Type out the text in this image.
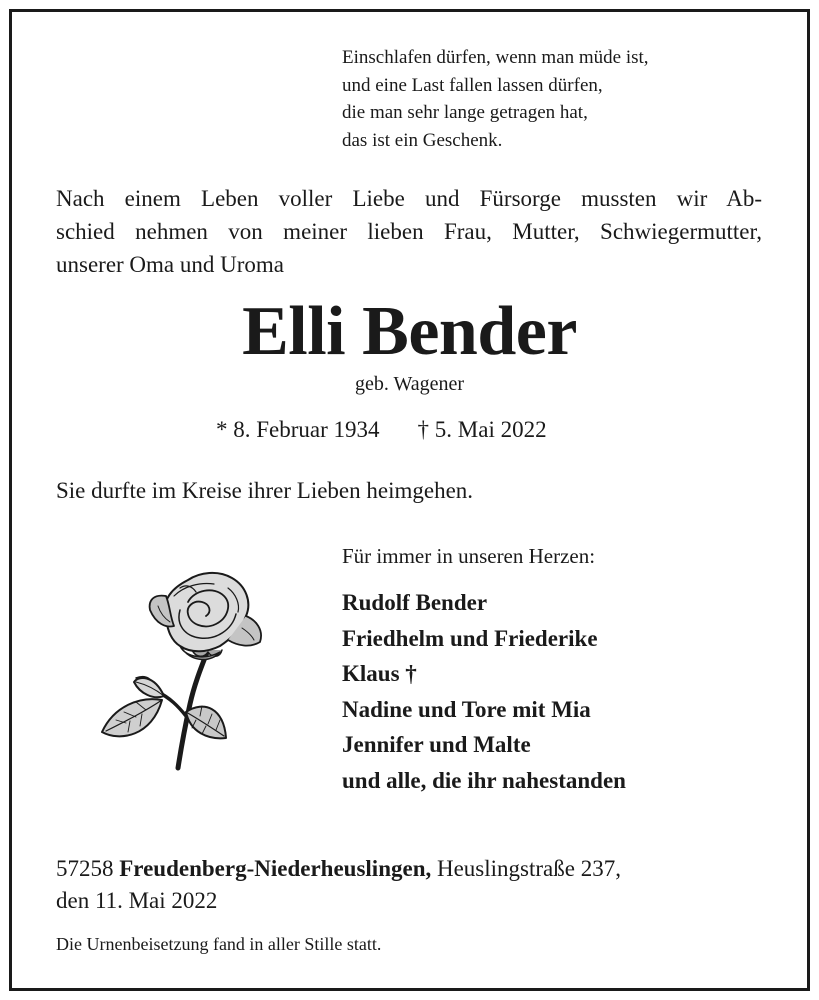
Einschlafen dürfen, wenn man müde ist,
und eine Last fallen lassen dürfen,
die man sehr lange getragen hat,
das ist ein Geschenk.
Nach einem Leben voller Liebe und Fürsorge mussten wir Ab-
schied nehmen von meiner lieben Frau, Mutter, Schwiegermutter,
unserer Oma und Uroma
Elli Bender
geb. Wagener
* 8. Februar 1934 † 5. Mai 2022
Sie durfte im Kreise ihrer Lieben heimgehen.
Für immer in unseren Herzen:
Rudolf Bender
Friedhelm und Friederike
Klaus †
Nadine und Tore mit Mia
Jennifer und Malte
und alle, die ihr nahestanden
57258 Freudenberg-Niederheuslingen, Heuslingstraße 237,
den 11. Mai 2022
Die Urnenbeisetzung fand in aller Stille statt.
